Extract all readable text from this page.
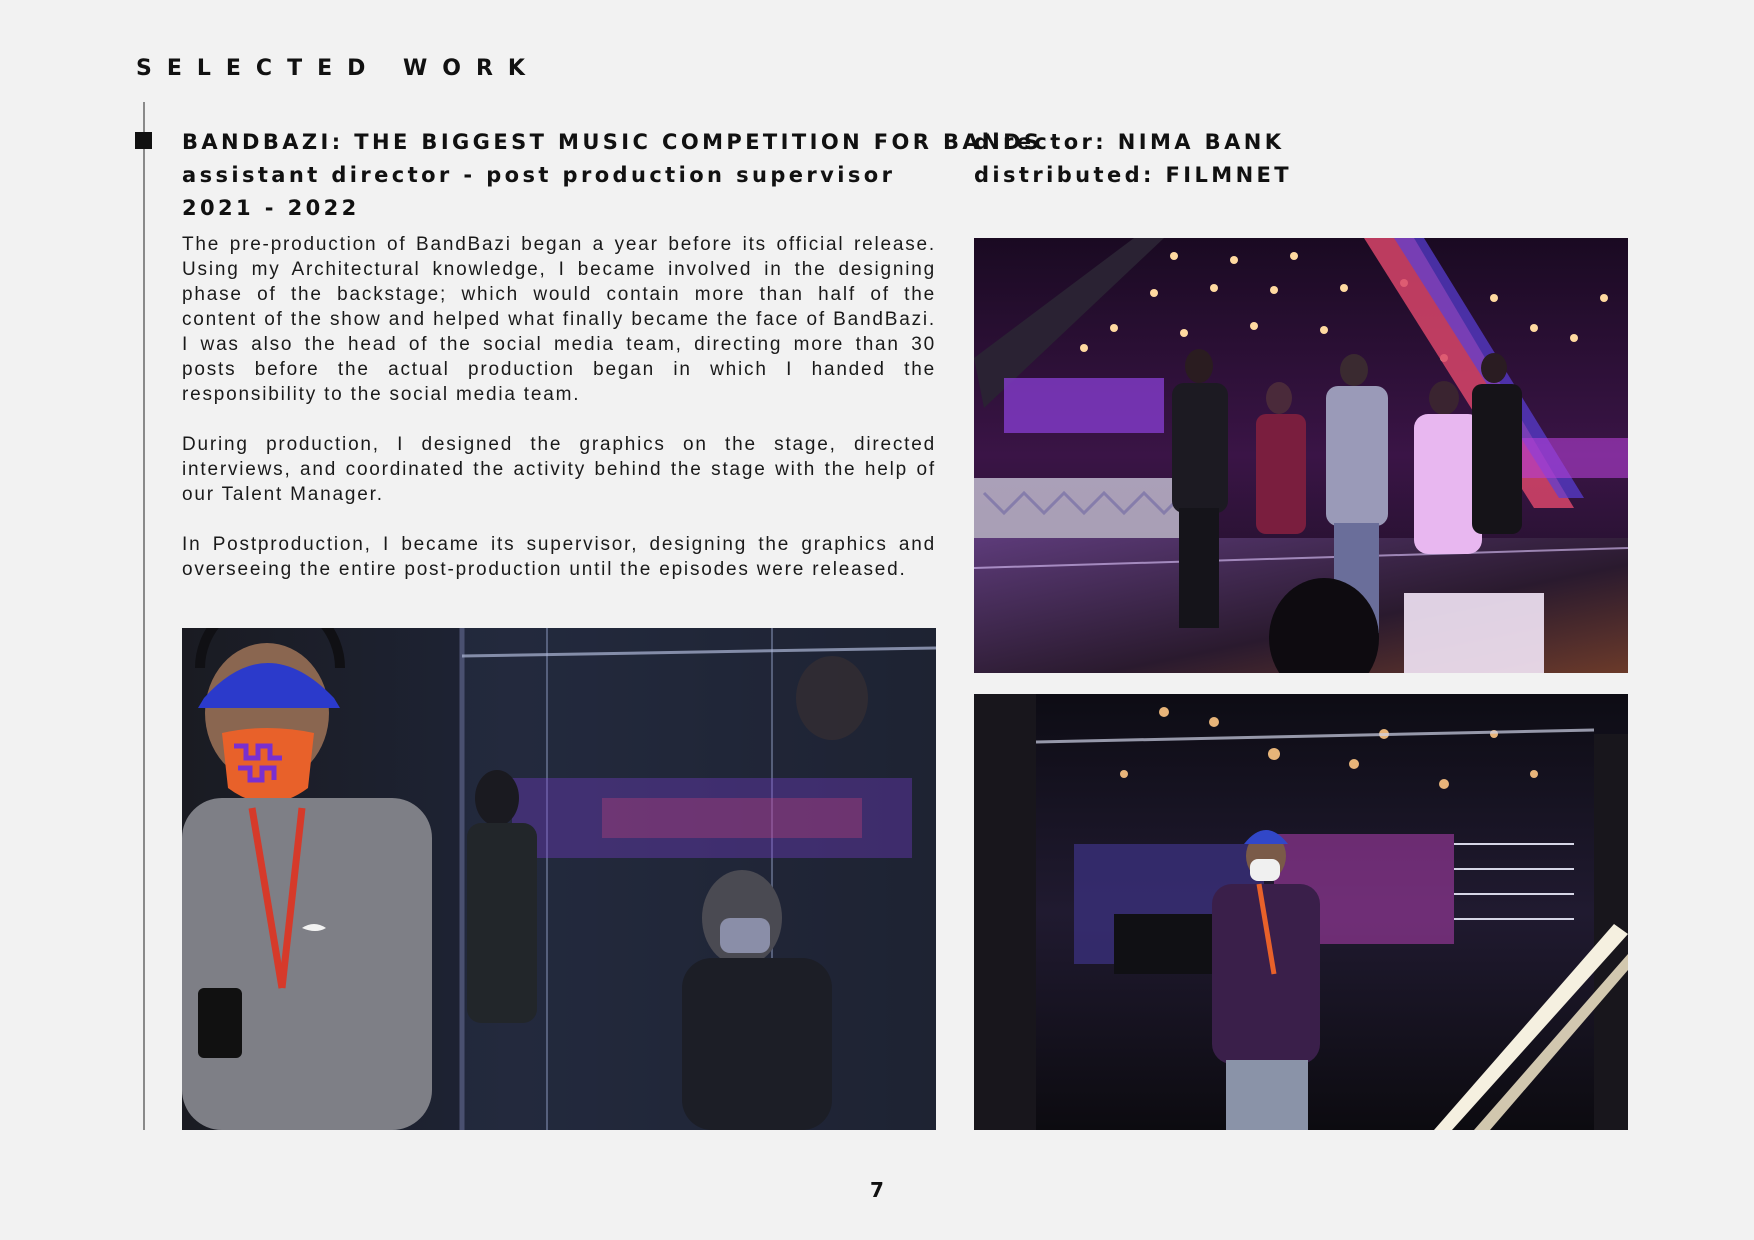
SELECTED WORK
BANDBAZI: THE BIGGEST MUSIC COMPETITION FOR BANDS
assistant director - post production supervisor
2021 - 2022
director: NIMA BANK
distributed: FILMNET

The pre-production of BandBazi began a year before its official release. Using my Architectural knowledge, I became involved in the designing phase of the backstage; which would contain more than half of the content of the show and helped what finally became the face of BandBazi. I was also the head of the social media team, directing more than 30 posts before the actual production began in which I handed the responsibility to the social media team.

During production, I designed the graphics on the stage, directed interviews, and coordinated the activity behind the stage with the help of our Talent Manager.

In Postproduction, I became its supervisor, designing the graphics and overseeing the entire post-production until the episodes were released.

7
